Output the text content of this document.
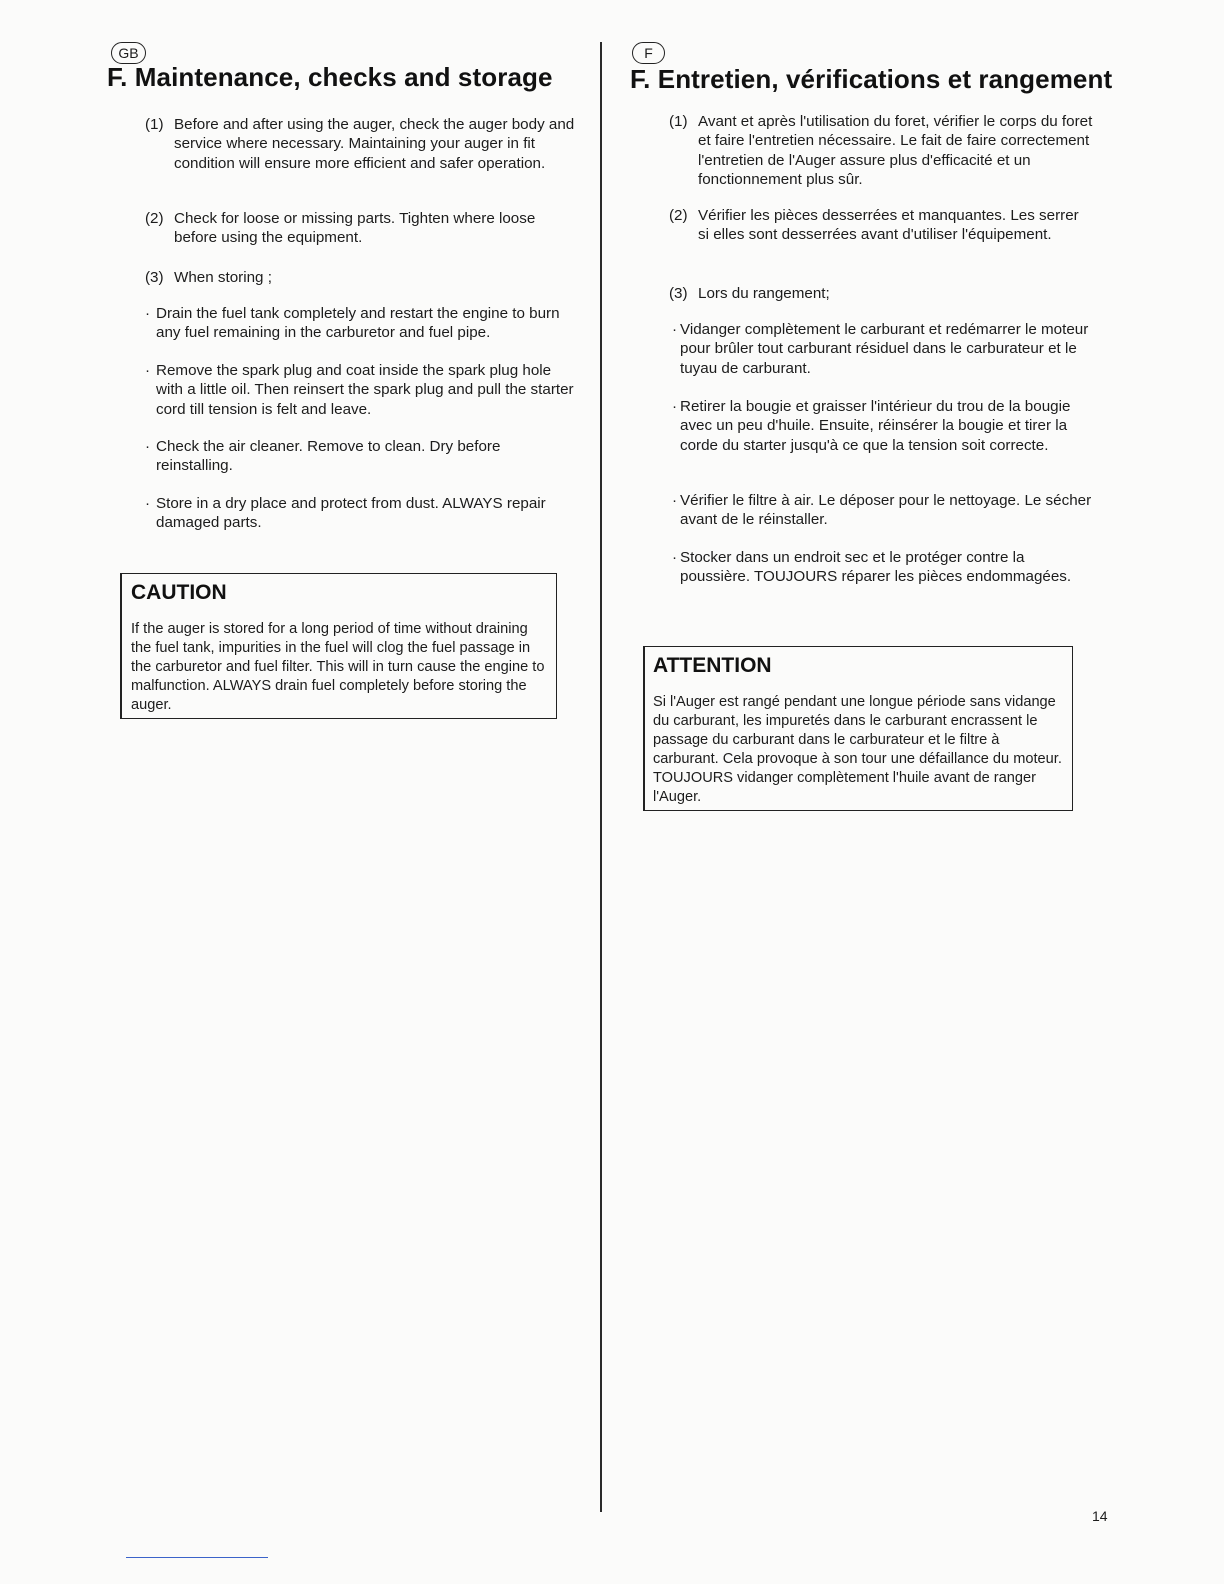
GB
F. Maintenance, checks and storage
(1) Before and after using the auger, check the auger body and service where necessary. Maintaining your auger in fit condition will ensure more efficient and safer operation.
(2) Check for loose or missing parts. Tighten where loose before using the equipment.
(3) When storing ;
· Drain the fuel tank completely and restart the engine to burn any fuel remaining in the carburetor and fuel pipe.
· Remove the spark plug and coat inside the spark plug hole with a little oil. Then reinsert the spark plug and pull the starter cord till tension is felt and leave.
· Check the air cleaner. Remove to clean. Dry before reinstalling.
· Store in a dry place and protect from dust. ALWAYS repair damaged parts.
CAUTION
If the auger is stored for a long period of time without draining the fuel tank, impurities in the fuel will clog the fuel passage in the carburetor and fuel filter. This will in turn cause the engine to malfunction. ALWAYS drain fuel completely before storing the auger.
F
F. Entretien, vérifications et rangement
(1) Avant et après l'utilisation du foret, vérifier le corps du foret et faire l'entretien nécessaire. Le fait de faire correctement l'entretien de l'Auger assure plus d'efficacité et un fonctionnement plus sûr.
(2) Vérifier les pièces desserrées et manquantes. Les serrer si elles sont desserrées avant d'utiliser l'équipement.
(3) Lors du rangement;
· Vidanger complètement le carburant et redémarrer le moteur pour brûler tout carburant résiduel dans le carburateur et le tuyau de carburant.
· Retirer la bougie et graisser l'intérieur du trou de la bougie avec un peu d'huile. Ensuite, réinsérer la bougie et tirer la corde du starter jusqu'à ce que la tension soit correcte.
· Vérifier le filtre à air. Le déposer pour le nettoyage. Le sécher avant de le réinstaller.
· Stocker dans un endroit sec et le protéger contre la poussière. TOUJOURS réparer les pièces endommagées.
ATTENTION
Si l'Auger est rangé pendant une longue période sans vidange du carburant, les impuretés dans le carburant encrassent le passage du carburant dans le carburateur et le filtre à carburant. Cela provoque à son tour une défaillance du moteur. TOUJOURS vidanger complètement l'huile avant de ranger l'Auger.
14
